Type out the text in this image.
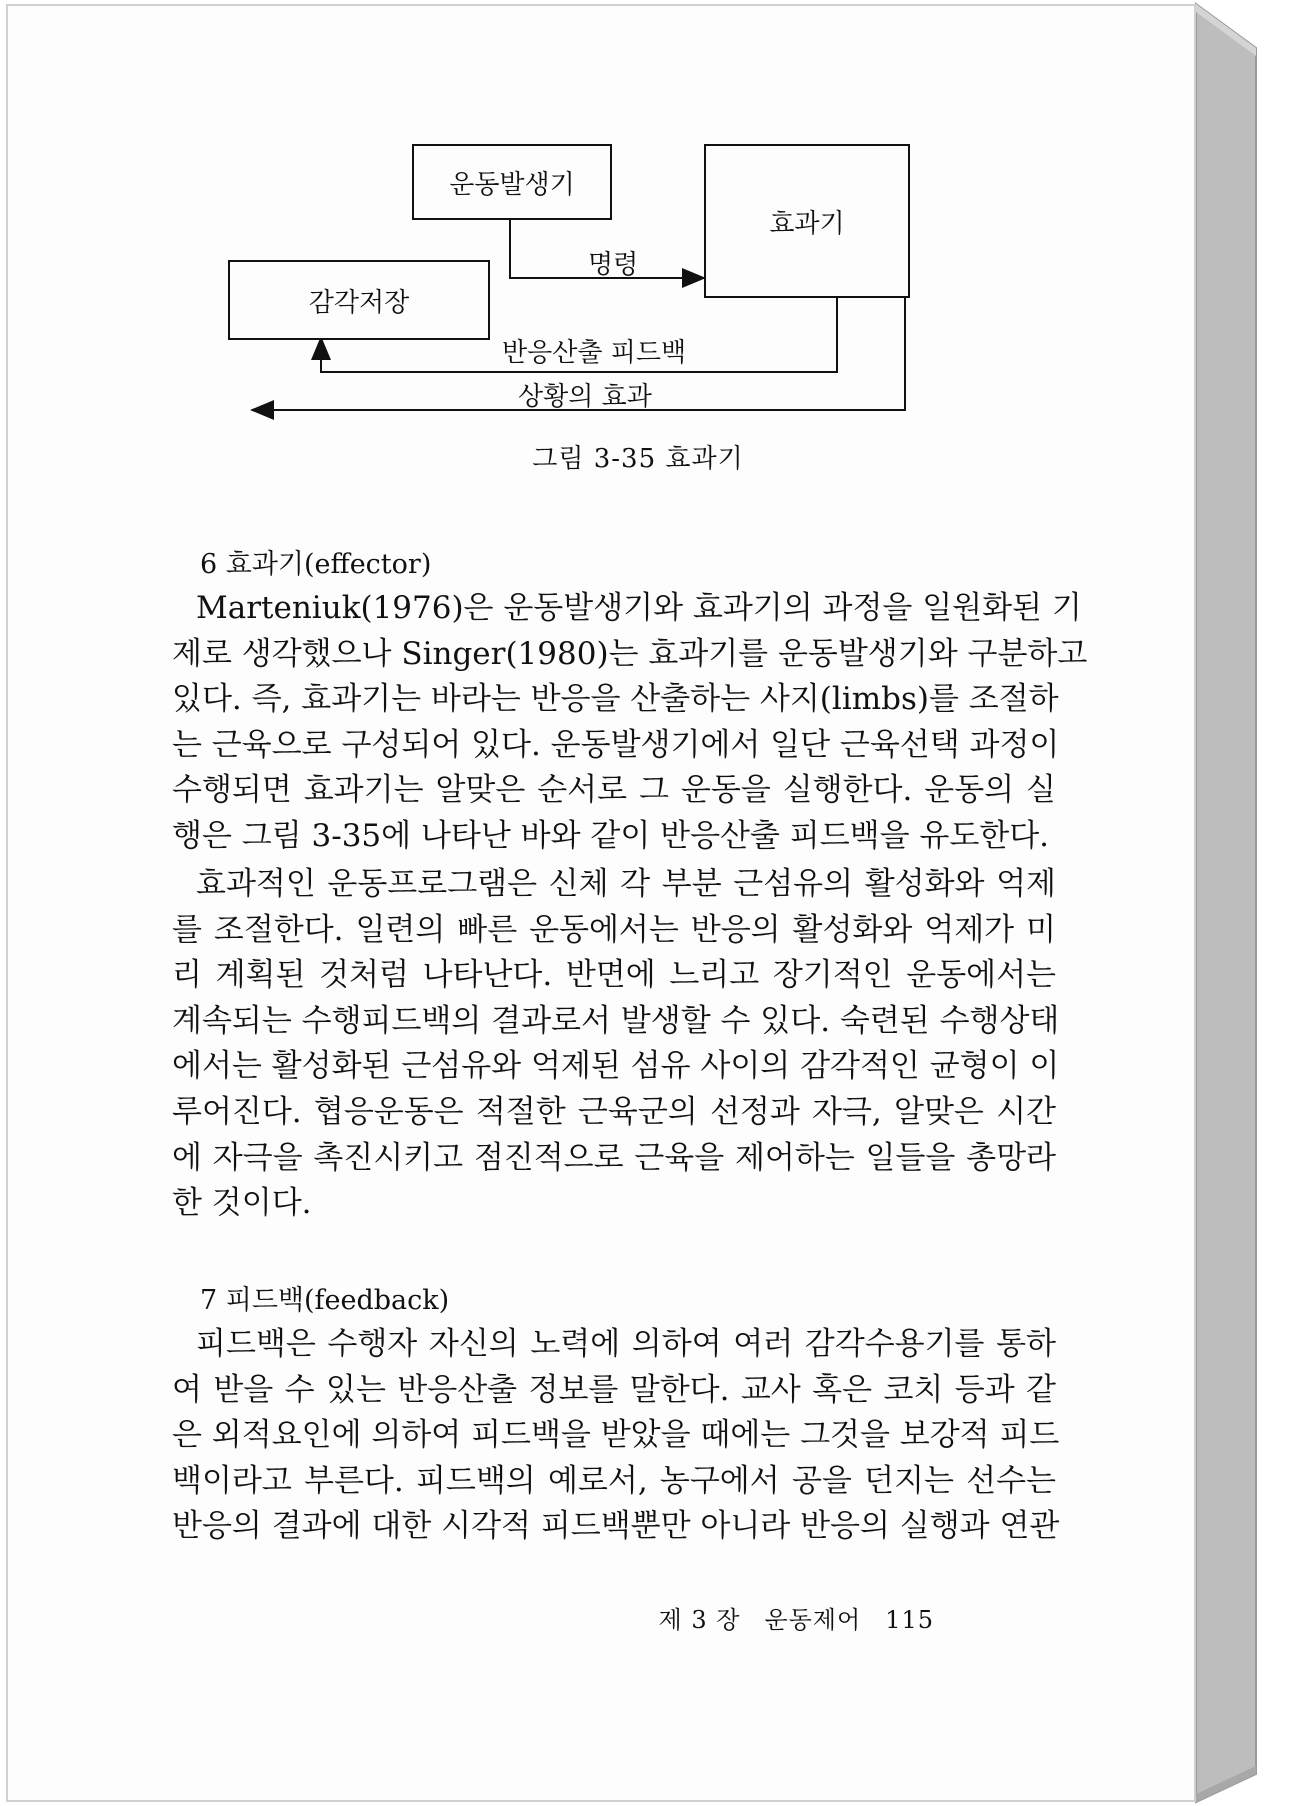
운동발생기
효과기
감각저장
명령
반응산출 피드백
상황의 효과
그림 3-35 효과기
6 효과기(effector)
Marteniuk(1976)은 운동발생기와 효과기의 과정을 일원화된 기
제로 생각했으나 Singer(1980)는 효과기를 운동발생기와 구분하고
있다. 즉, 효과기는 바라는 반응을 산출하는 사지(limbs)를 조절하
는 근육으로 구성되어 있다. 운동발생기에서 일단 근육선택 과정이
수행되면 효과기는 알맞은 순서로 그 운동을 실행한다. 운동의 실
행은 그림 3-35에 나타난 바와 같이 반응산출 피드백을 유도한다.
효과적인 운동프로그램은 신체 각 부분 근섬유의 활성화와 억제
를 조절한다. 일련의 빠른 운동에서는 반응의 활성화와 억제가 미
리 계획된 것처럼 나타난다. 반면에 느리고 장기적인 운동에서는
계속되는 수행피드백의 결과로서 발생할 수 있다. 숙련된 수행상태
에서는 활성화된 근섬유와 억제된 섬유 사이의 감각적인 균형이 이
루어진다. 협응운동은 적절한 근육군의 선정과 자극, 알맞은 시간
에 자극을 촉진시키고 점진적으로 근육을 제어하는 일들을 총망라
한 것이다.
7 피드백(feedback)
피드백은 수행자 자신의 노력에 의하여 여러 감각수용기를 통하
여 받을 수 있는 반응산출 정보를 말한다. 교사 혹은 코치 등과 같
은 외적요인에 의하여 피드백을 받았을 때에는 그것을 보강적 피드
백이라고 부른다. 피드백의 예로서, 농구에서 공을 던지는 선수는
반응의 결과에 대한 시각적 피드백뿐만 아니라 반응의 실행과 연관
제 3 장 운동제어 115
